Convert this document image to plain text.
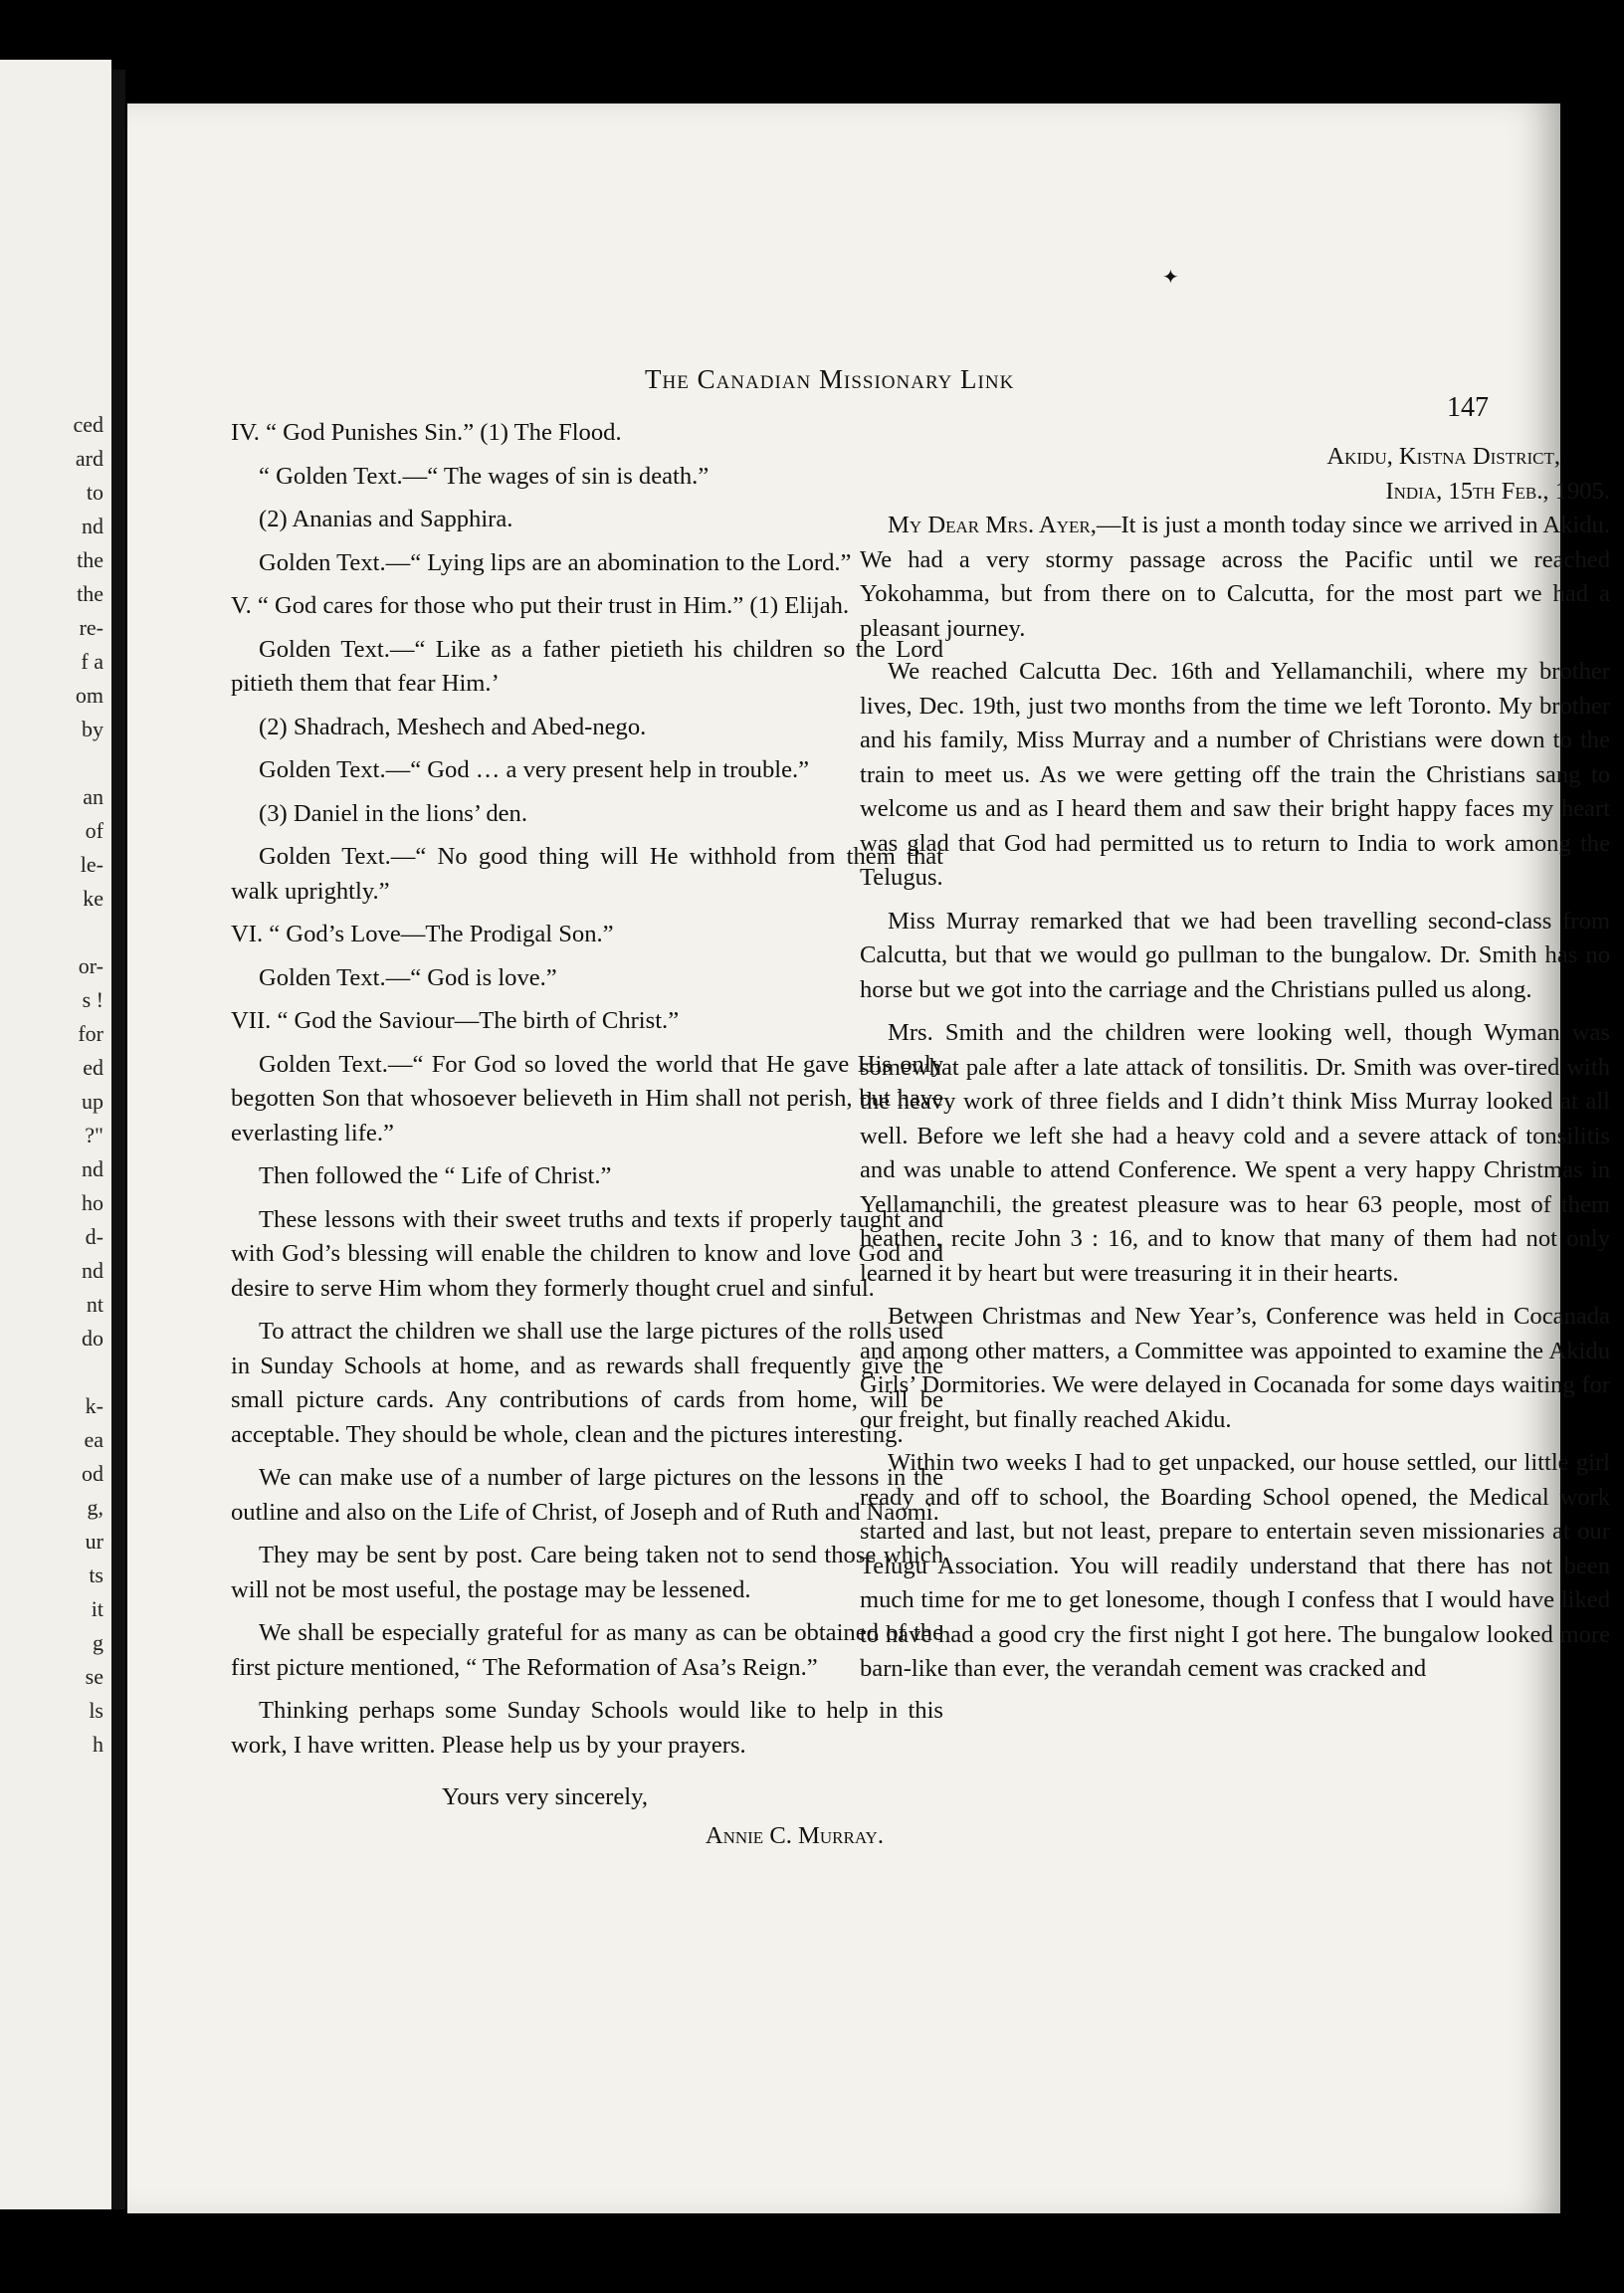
ced
ard
to
nd
the
the
re-
f a
om
by

an
of
le-
ke

or-
s !
for
ed
up
?"
nd
ho
d-
nd
nt
do

k-
ea
od
g,
ur
ts
it
g
se
ls
h
✦
The Canadian Missionary Link
147

IV. “ God Punishes Sin.” (1) The Flood.

“ Golden Text.—“ The wages of sin is death.”

(2) Ananias and Sapphira.

Golden Text.—“ Lying lips are an abomination to the Lord.”

V. “ God cares for those who put their trust in Him.” (1) Elijah.

Golden Text.—“ Like as a father pietieth his children so the Lord pitieth them that fear Him.’

(2) Shadrach, Meshech and Abed-nego.

Golden Text.—“ God … a very present help in trouble.”

(3) Daniel in the lions’ den.

Golden Text.—“ No good thing will He withhold from them that walk uprightly.”

VI. “ God’s Love—The Prodigal Son.”

Golden Text.—“ God is love.”

VII. “ God the Saviour—The birth of Christ.”

Golden Text.—“ For God so loved the world that He gave His only begotten Son that whosoever believeth in Him shall not perish, but have everlasting life.”

Then followed the “ Life of Christ.”

These lessons with their sweet truths and texts if properly taught and with God’s blessing will enable the children to know and love God and desire to serve Him whom they formerly thought cruel and sinful.

To attract the children we shall use the large pictures of the rolls used in Sunday Schools at home, and as rewards shall frequently give the small picture cards. Any contributions of cards from home, will be acceptable. They should be whole, clean and the pictures interesting.

We can make use of a number of large pictures on the lessons in the outline and also on the Life of Christ, of Joseph and of Ruth and Naomi.

They may be sent by post. Care being taken not to send those which will not be most useful, the postage may be lessened.

We shall be especially grateful for as many as can be obtained of the first picture mentioned, “ The Reformation of Asa’s Reign.”

Thinking perhaps some Sunday Schools would like to help in this work, I have written. Please help us by your prayers.

Yours very sincerely,
Annie C. Murray.

Akidu, Kistna District,

India, 15th Feb., 1905.

My Dear Mrs. Ayer,—It is just a month today since we arrived in Akidu. We had a very stormy passage across the Pacific until we reached Yokohamma, but from there on to Calcutta, for the most part we had a pleasant journey.

We reached Calcutta Dec. 16th and Yellamanchili, where my brother lives, Dec. 19th, just two months from the time we left Toronto. My brother and his family, Miss Murray and a number of Christians were down to the train to meet us. As we were getting off the train the Christians sang to welcome us and as I heard them and saw their bright happy faces my heart was glad that God had permitted us to return to India to work among the Telugus.

Miss Murray remarked that we had been travelling second-class from Calcutta, but that we would go pullman to the bungalow. Dr. Smith has no horse but we got into the carriage and the Christians pulled us along.

Mrs. Smith and the children were looking well, though Wyman was somewhat pale after a late attack of tonsilitis. Dr. Smith was over-tired with the heavy work of three fields and I didn’t think Miss Murray looked at all well. Before we left she had a heavy cold and a severe attack of tonsilitis and was unable to attend Conference. We spent a very happy Christmas in Yellamanchili, the greatest pleasure was to hear 63 people, most of them heathen, recite John 3 : 16, and to know that many of them had not only learned it by heart but were treasuring it in their hearts.

Between Christmas and New Year’s, Conference was held in Cocanada and among other matters, a Committee was appointed to examine the Akidu Girls’ Dormitories. We were delayed in Cocanada for some days waiting for our freight, but finally reached Akidu.

Within two weeks I had to get unpacked, our house settled, our little girl ready and off to school, the Boarding School opened, the Medical work started and last, but not least, prepare to entertain seven missionaries at our Telugu Association. You will readily understand that there has not been much time for me to get lonesome, though I confess that I would have liked to have had a good cry the first night I got here. The bungalow looked more barn-like than ever, the verandah cement was cracked and
